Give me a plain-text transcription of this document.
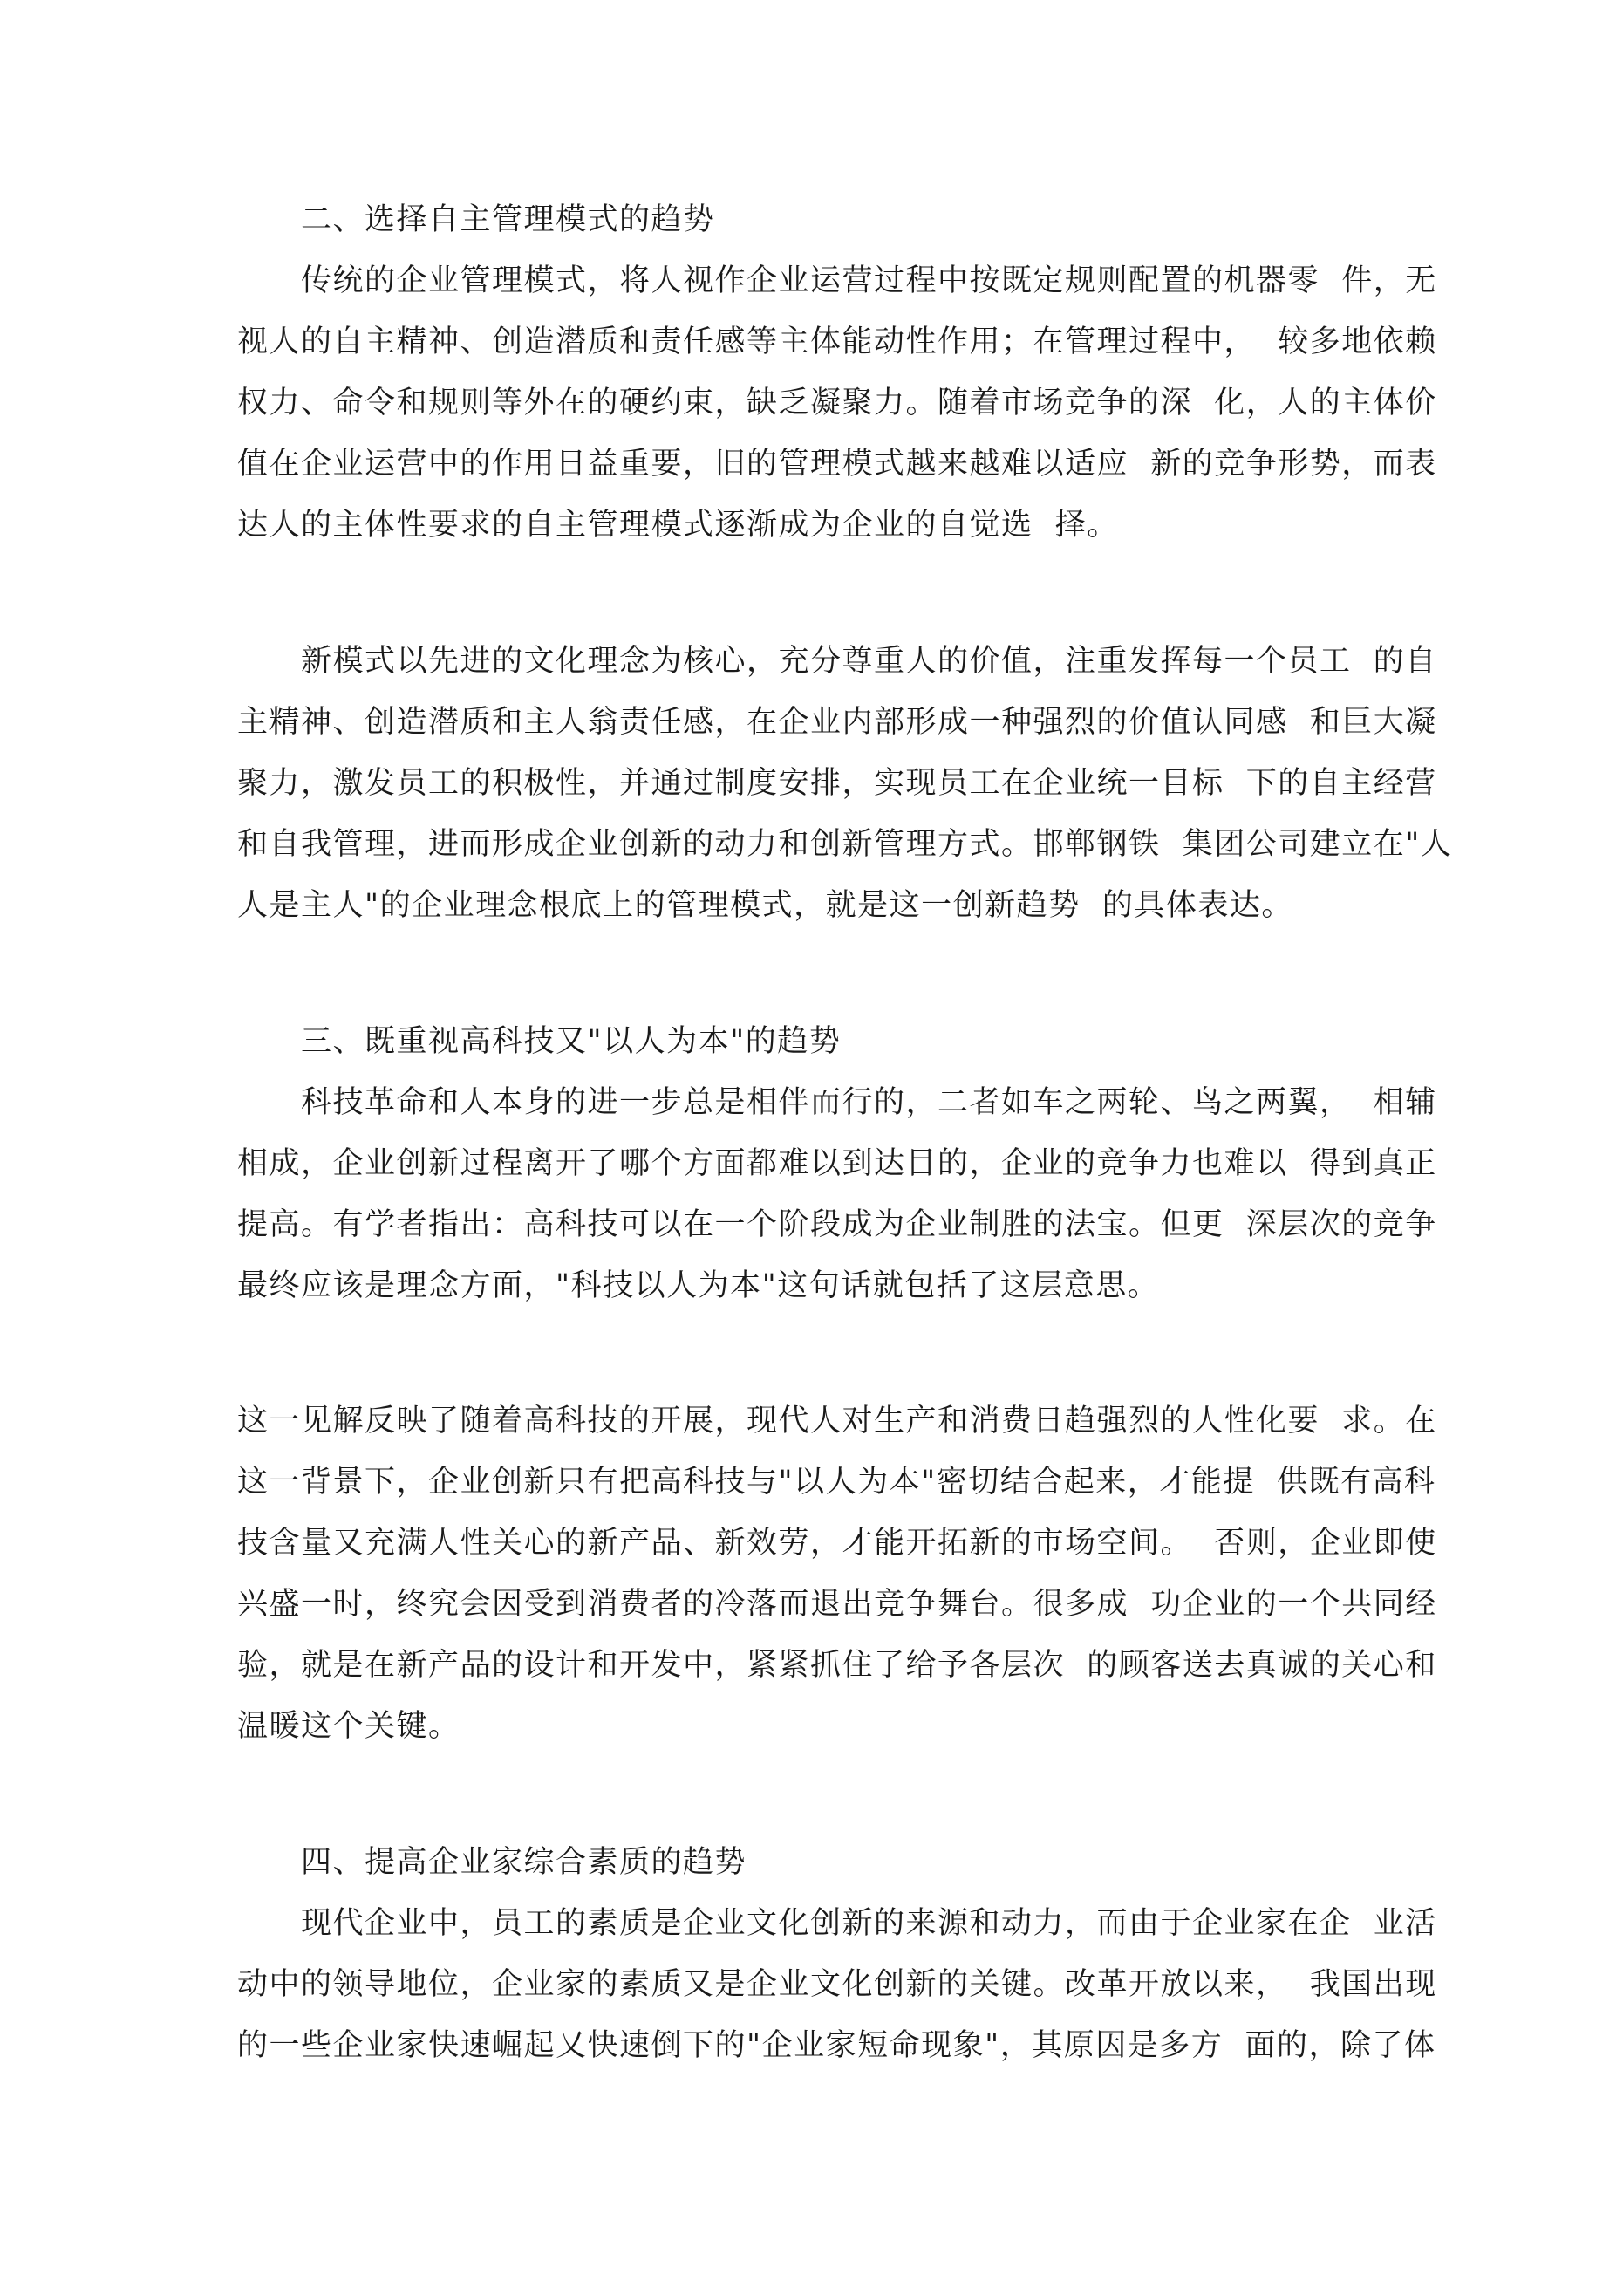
二、选择自主管理模式的趋势
传统的企业管理模式，将人视作企业运营过程中按既定规则配置的机器零  件，无
视人的自主精神、创造潜质和责任感等主体能动性作用；在管理过程中，  较多地依赖
权力、命令和规则等外在的硬约束，缺乏凝聚力。随着市场竞争的深  化，人的主体价
值在企业运营中的作用日益重要，旧的管理模式越来越难以适应  新的竞争形势，而表
达人的主体性要求的自主管理模式逐渐成为企业的自觉选  择。
新模式以先进的文化理念为核心，充分尊重人的价值，注重发挥每一个员工  的自
主精神、创造潜质和主人翁责任感，在企业内部形成一种强烈的价值认同感  和巨大凝
聚力，激发员工的积极性，并通过制度安排，实现员工在企业统一目标  下的自主经营
和自我管理，进而形成企业创新的动力和创新管理方式。邯郸钢铁  集团公司建立在"人
人是主人"的企业理念根底上的管理模式，就是这一创新趋势  的具体表达。
三、既重视高科技又"以人为本"的趋势
科技革命和人本身的进一步总是相伴而行的，二者如车之两轮、鸟之两翼，  相辅
相成，企业创新过程离开了哪个方面都难以到达目的，企业的竞争力也难以  得到真正
提高。有学者指出：高科技可以在一个阶段成为企业制胜的法宝。但更  深层次的竞争
最终应该是理念方面，"科技以人为本"这句话就包括了这层意思。
这一见解反映了随着高科技的开展，现代人对生产和消费日趋强烈的人性化要  求。在
这一背景下，企业创新只有把高科技与"以人为本"密切结合起来，才能提  供既有高科
技含量又充满人性关心的新产品、新效劳，才能开拓新的市场空间。  否则，企业即使
兴盛一时，终究会因受到消费者的冷落而退出竞争舞台。很多成  功企业的一个共同经
验，就是在新产品的设计和开发中，紧紧抓住了给予各层次  的顾客送去真诚的关心和
温暖这个关键。
四、提高企业家综合素质的趋势
现代企业中，员工的素质是企业文化创新的来源和动力，而由于企业家在企  业活
动中的领导地位，企业家的素质又是企业文化创新的关键。改革开放以来，  我国出现
的一些企业家快速崛起又快速倒下的"企业家短命现象"，其原因是多方  面的，除了体
